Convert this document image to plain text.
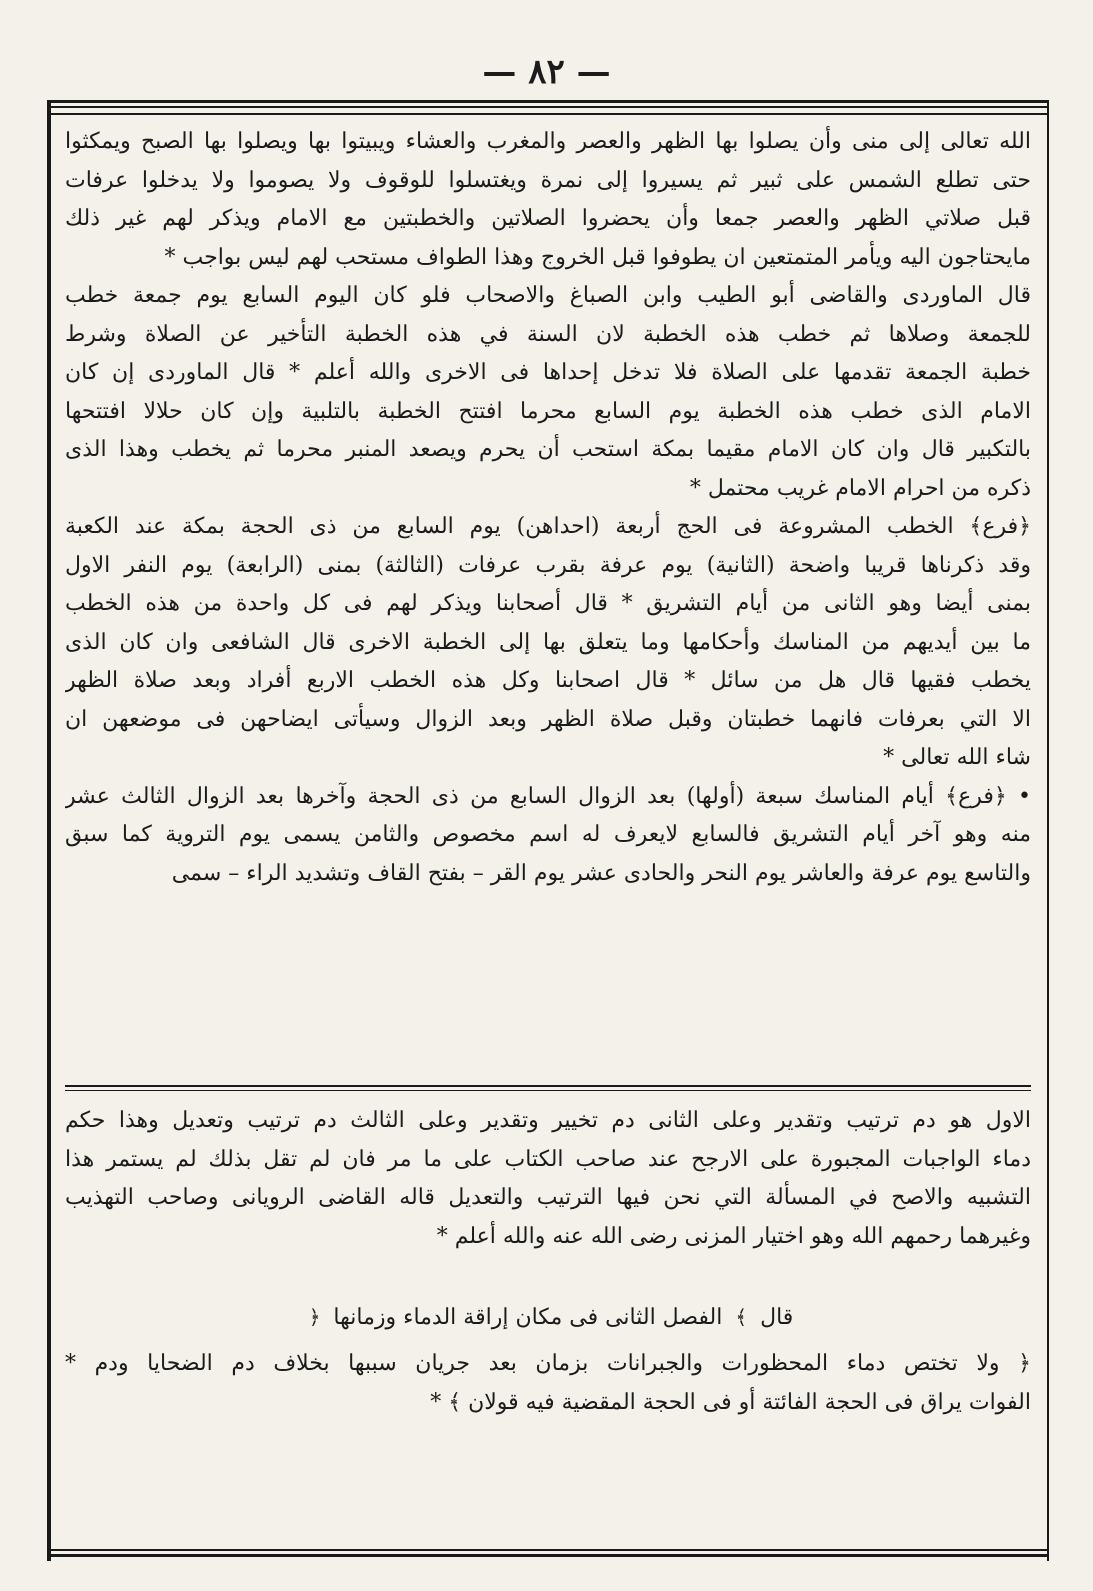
— ٨٢ —
الله تعالى إلى منى وأن يصلوا بها الظهر والعصر والمغرب والعشاء ويبيتوا بها ويصلوا بها الصبح ويمكثوا
حتى تطلع الشمس على ثبير ثم يسيروا إلى نمرة ويغتسلوا للوقوف ولا يصوموا ولا يدخلوا عرفات
قبل صلاتي الظهر والعصر جمعا وأن يحضروا الصلاتين والخطبتين مع الامام ويذكر لهم غير ذلك
مايحتاجون اليه ويأمر المتمتعين ان يطوفوا قبل الخروج وهذا الطواف مستحب لهم ليس بواجب *
قال الماوردى والقاضى أبو الطيب وابن الصباغ والاصحاب فلو كان اليوم السابع يوم جمعة خطب
للجمعة وصلاها ثم خطب هذه الخطبة لان السنة في هذه الخطبة التأخير عن الصلاة وشرط
خطبة الجمعة تقدمها على الصلاة فلا تدخل إحداها فى الاخرى والله أعلم * قال الماوردى إن كان
الامام الذى خطب هذه الخطبة يوم السابع محرما افتتح الخطبة بالتلبية وإن كان حلالا افتتحها
بالتكبير قال وان كان الامام مقيما بمكة استحب أن يحرم ويصعد المنبر محرما ثم يخطب وهذا الذى
ذكره من احرام الامام غريب محتمل *
﴿فرع﴾ الخطب المشروعة فى الحج أربعة (احداهن) يوم السابع من ذى الحجة بمكة عند الكعبة
وقد ذكرناها قريبا واضحة (الثانية) يوم عرفة بقرب عرفات (الثالثة) بمنى (الرابعة) يوم النفر الاول
بمنى أيضا وهو الثانى من أيام التشريق * قال أصحابنا ويذكر لهم فى كل واحدة من هذه الخطب
ما بين أيديهم من المناسك وأحكامها وما يتعلق بها إلى الخطبة الاخرى قال الشافعى وان كان الذى
يخطب فقيها قال هل من سائل * قال اصحابنا وكل هذه الخطب الاربع أفراد وبعد صلاة الظهر
الا التي بعرفات فانهما خطبتان وقبل صلاة الظهر وبعد الزوال وسيأتى ايضاحهن فى موضعهن ان
شاء الله تعالى *
• ﴿فرع﴾ أيام المناسك سبعة (أولها) بعد الزوال السابع من ذى الحجة وآخرها بعد الزوال الثالث عشر
منه وهو آخر أيام التشريق فالسابع لايعرف له اسم مخصوص والثامن يسمى يوم التروية كما سبق
والتاسع يوم عرفة والعاشر يوم النحر والحادى عشر يوم القر – بفتح القاف وتشديد الراء – سمى
الاول هو دم ترتيب وتقدير وعلى الثانى دم تخيير وتقدير وعلى الثالث دم ترتيب وتعديل وهذا حكم
دماء الواجبات المجبورة على الارجح عند صاحب الكتاب على ما مر فان لم تقل بذلك لم يستمر هذا
التشبيه والاصح في المسألة التي نحن فيها الترتيب والتعديل قاله القاضى الرويانى وصاحب التهذيب
وغيرهما رحمهم الله وهو اختيار المزنى رضى الله عنه والله أعلم *
قال ﴾ الفصل الثانى فى مكان إراقة الدماء وزمانها ﴿
﴿ ولا تختص دماء المحظورات والجبرانات بزمان بعد جريان سببها بخلاف دم الضحايا ودم *
الفوات يراق فى الحجة الفائتة أو فى الحجة المقضية فيه قولان ﴾ *
